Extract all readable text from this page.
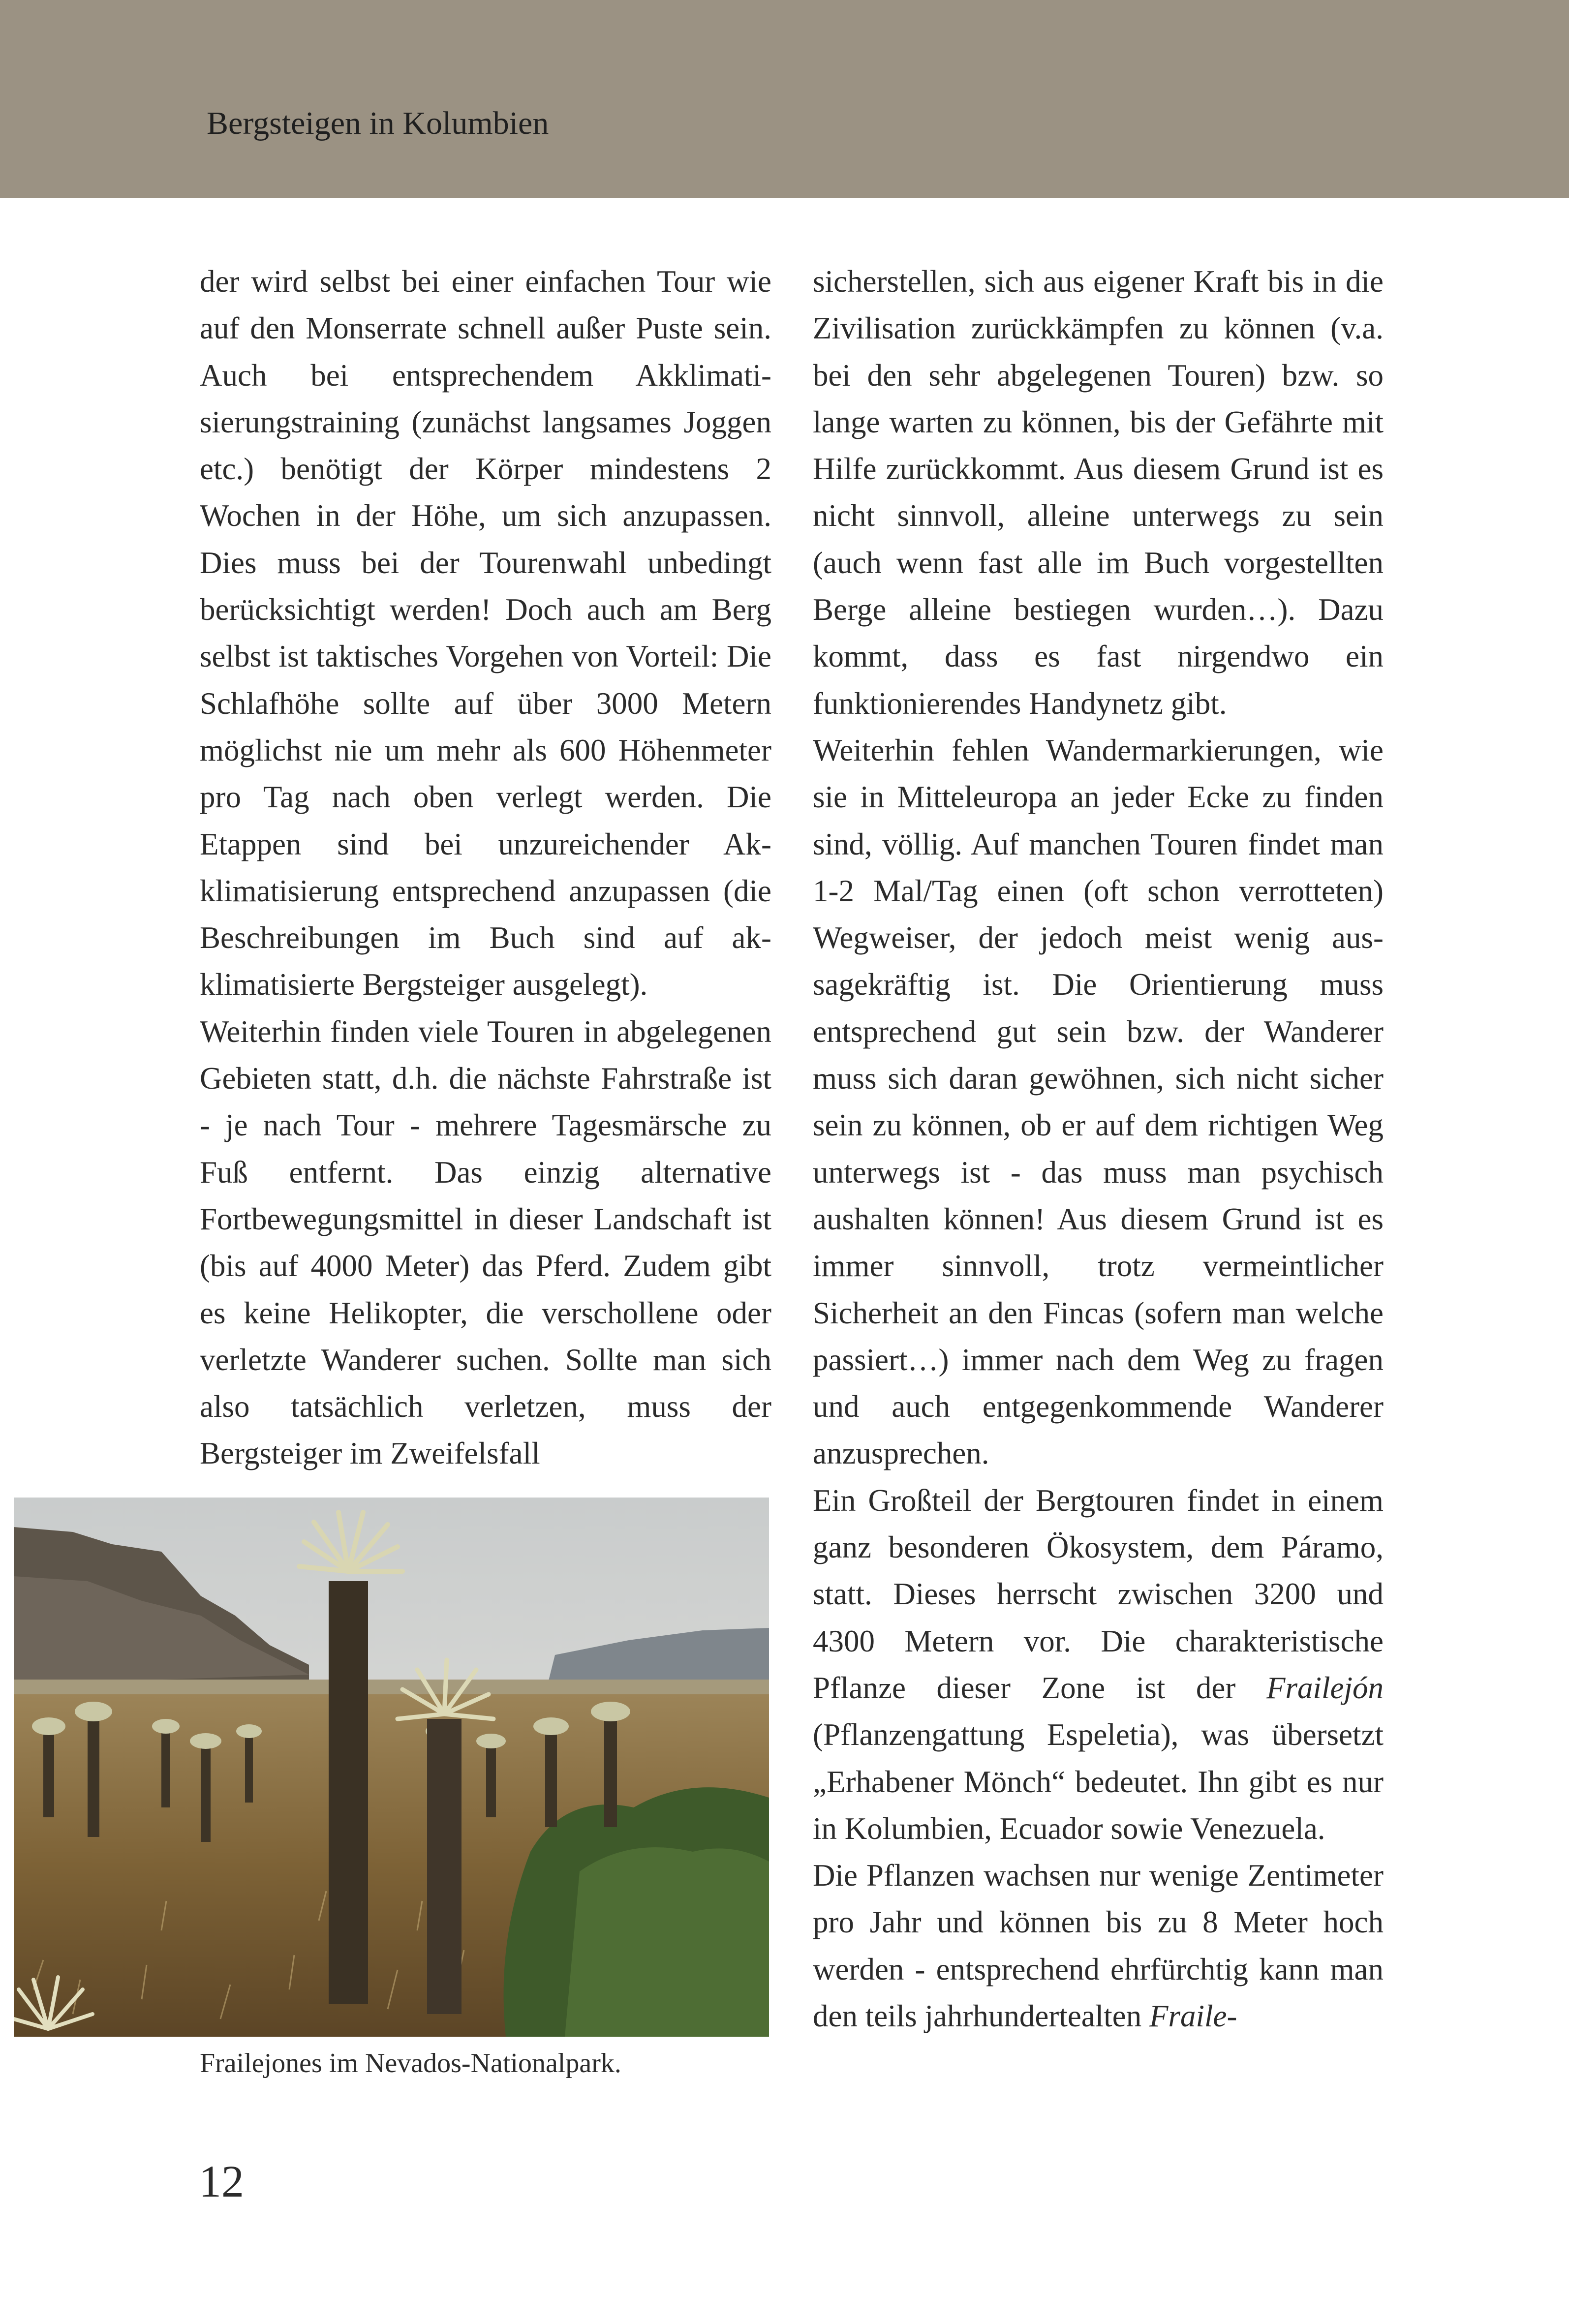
Bergsteigen in Kolumbien

der wird selbst bei einer einfachen Tour wie auf den Monserrate schnell außer Puste sein. Auch bei entsprechendem Akklimatisierungstraining (zunächst langsames Joggen etc.) benötigt der Körper mindestens 2 Wochen in der Höhe, um sich anzupassen. Dies muss bei der Tourenwahl unbedingt berücksichtigt werden! Doch auch am Berg selbst ist taktisches Vorgehen von Vorteil: Die Schlafhöhe sollte auf über 3000 Metern möglichst nie um mehr als 600 Höhenmeter pro Tag nach oben verlegt werden. Die Etappen sind bei unzureichender Akklimatisierung entsprechend anzupassen (die Beschreibungen im Buch sind auf akklimatisierte Bergsteiger ausgelegt).

Weiterhin finden viele Touren in abgelegenen Gebieten statt, d.h. die nächste Fahrstraße ist - je nach Tour - mehrere Tagesmärsche zu Fuß entfernt. Das einzig alternative Fortbewegungsmittel in dieser Landschaft ist (bis auf 4000 Meter) das Pferd. Zudem gibt es keine Helikopter, die verschollene oder verletzte Wanderer suchen. Sollte man sich also tatsächlich verletzen, muss der Bergsteiger im Zweifelsfall

sicherstellen, sich aus eigener Kraft bis in die Zivilisation zurückkämpfen zu können (v.a. bei den sehr abgelegenen Touren) bzw. so lange warten zu können, bis der Gefährte mit Hilfe zurückkommt. Aus diesem Grund ist es nicht sinnvoll, alleine unterwegs zu sein (auch wenn fast alle im Buch vorgestellten Berge alleine bestiegen wurden…). Dazu kommt, dass es fast nirgendwo ein funktionierendes Handynetz gibt.

Weiterhin fehlen Wandermarkierungen, wie sie in Mitteleuropa an jeder Ecke zu finden sind, völlig. Auf manchen Touren findet man 1-2 Mal/Tag einen (oft schon verrotteten) Wegweiser, der jedoch meist wenig aussagekräftig ist. Die Orientierung muss entsprechend gut sein bzw. der Wanderer muss sich daran gewöhnen, sich nicht sicher sein zu können, ob er auf dem richtigen Weg unterwegs ist - das muss man psychisch aushalten können! Aus diesem Grund ist es immer sinnvoll, trotz vermeintlicher Sicherheit an den Fincas (sofern man welche passiert…) immer nach dem Weg zu fragen und auch entgegenkommende Wanderer anzusprechen.

Ein Großteil der Bergtouren findet in einem ganz besonderen Ökosystem, dem Páramo, statt. Dieses herrscht zwischen 3200 und 4300 Metern vor. Die charakteristische Pflanze dieser Zone ist der Frailejón (Pflanzengattung Espeletia), was übersetzt „Erhabener Mönch“ bedeutet. Ihn gibt es nur in Kolumbien, Ecuador sowie Venezuela.

Die Pflanzen wachsen nur wenige Zentimeter pro Jahr und können bis zu 8 Meter hoch werden - entsprechend ehrfürchtig kann man den teils jahrhundertealten Fraile-

Frailejones im Nevados-Nationalpark.
12
